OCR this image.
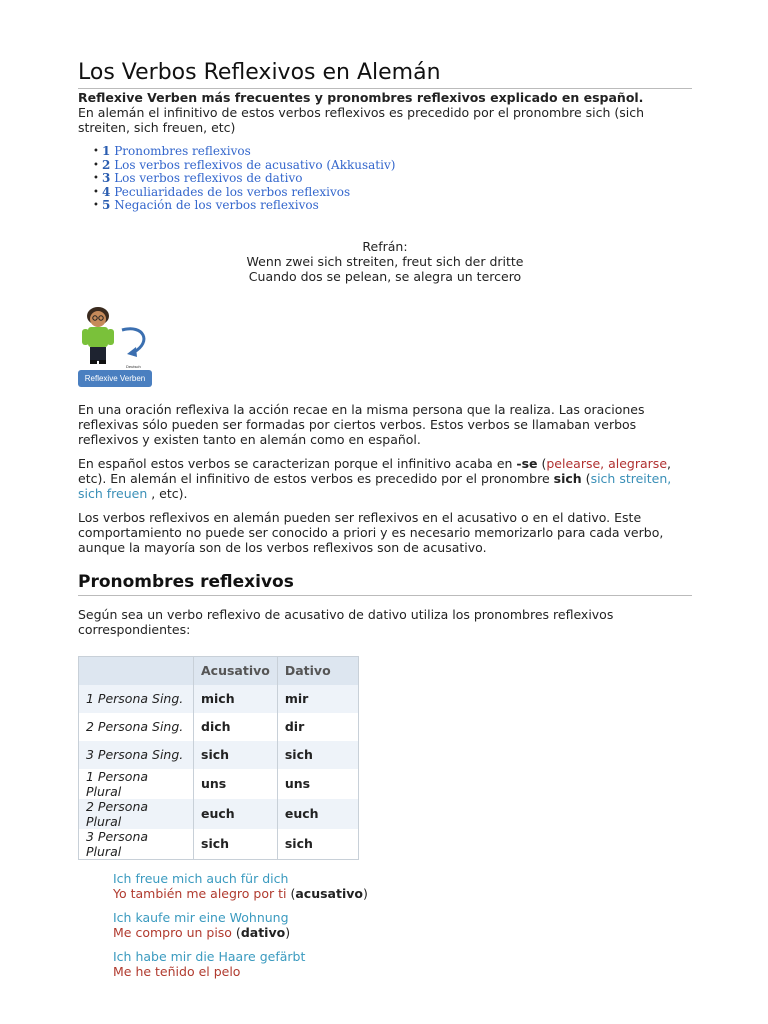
Los Verbos Reflexivos en Alemán
Reflexive Verben más frecuentes y pronombres reflexivos explicado en español.

En alemán el infinitivo de estos verbos reflexivos es precedido por el pronombre sich (sich streiten, sich freuen, etc)

• 1 Pronombres reflexivos
• 2 Los verbos reflexivos de acusativo (Akkusativ)
• 3 Los verbos reflexivos de dativo
• 4 Peculiaridades de los verbos reflexivos
• 5 Negación de los verbos reflexivos
Refrán:
Wenn zwei sich streiten, freut sich der dritte
Cuando dos se pelean, se alegra un tercero
Deutsch
Reflexive Verben

En una oración reflexiva la acción recae en la misma persona que la realiza. Las oraciones reflexivas sólo pueden ser formadas por ciertos verbos. Estos verbos se llamaban verbos reflexivos y existen tanto en alemán como en español.

En español estos verbos se caracterizan porque el infinitivo acaba en -se (pelearse, alegrarse, etc). En alemán el infinitivo de estos verbos es precedido por el pronombre sich (sich streiten, sich freuen , etc).

Los verbos reflexivos en alemán pueden ser reflexivos en el acusativo o en el dativo. Este comportamiento no puede ser conocido a priori y es necesario memorizarlo para cada verbo, aunque la mayoría son de los verbos reflexivos son de acusativo.

Pronombres reflexivos

Según sea un verbo reflexivo de acusativo de dativo utiliza los pronombres reflexivos correspondientes:

	Acusativo	Dativo
1 Persona Sing.	mich	mir
2 Persona Sing.	dich	dir
3 Persona Sing.	sich	sich
1 Persona Plural	uns	uns
2 Persona Plural	euch	euch
3 Persona Plural	sich	sich
Ich freue mich auch für dich
Yo también me alegro por ti (acusativo)
Ich kaufe mir eine Wohnung
Me compro un piso (dativo)
Ich habe mir die Haare gefärbt
Me he teñido el pelo
